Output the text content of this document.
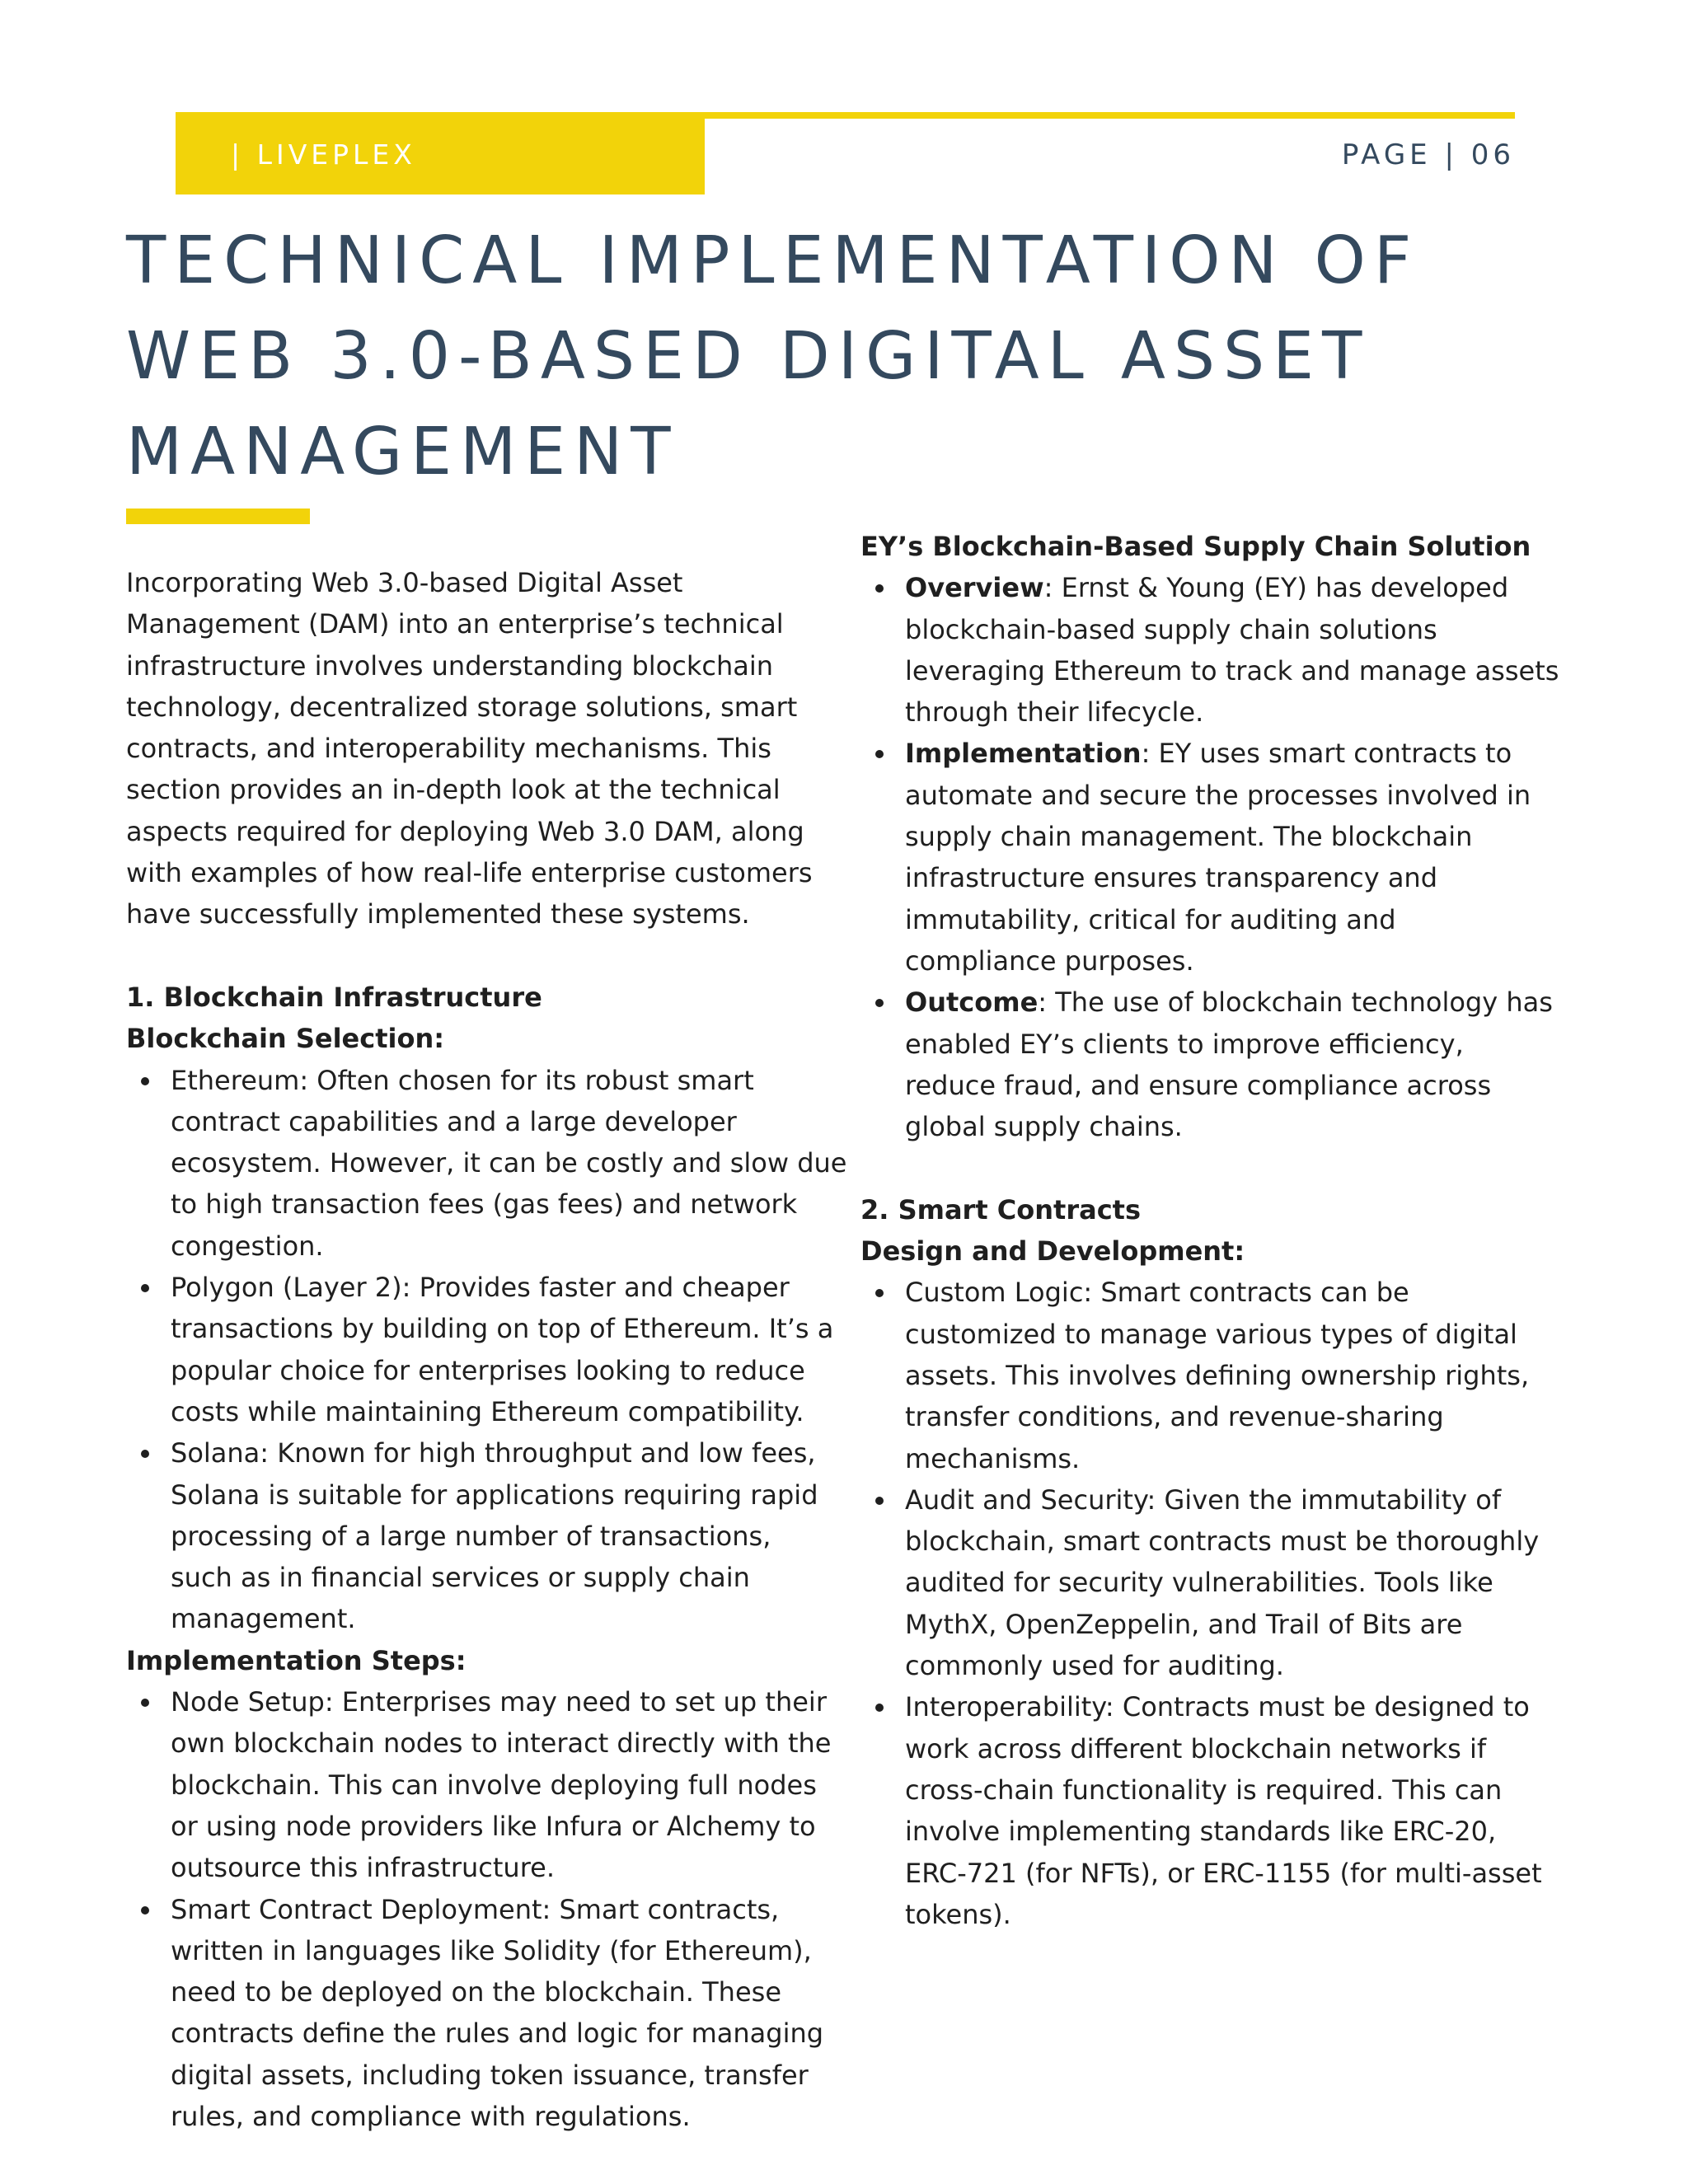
| LIVEPLEX	PAGE | 06
TECHNICAL IMPLEMENTATION OF
WEB 3.0-BASED DIGITAL ASSET
MANAGEMENT

Incorporating Web 3.0-based Digital Asset
Management (DAM) into an enterprise’s technical
infrastructure involves understanding blockchain
technology, decentralized storage solutions, smart
contracts, and interoperability mechanisms. This
section provides an in-depth look at the technical
aspects required for deploying Web 3.0 DAM, along
with examples of how real-life enterprise customers
have successfully implemented these systems.

1. Blockchain Infrastructure
Blockchain Selection:
Ethereum: Often chosen for its robust smart
contract capabilities and a large developer
ecosystem. However, it can be costly and slow due
to high transaction fees (gas fees) and network
congestion.
Polygon (Layer 2): Provides faster and cheaper
transactions by building on top of Ethereum. It’s a
popular choice for enterprises looking to reduce
costs while maintaining Ethereum compatibility.
Solana: Known for high throughput and low fees,
Solana is suitable for applications requiring rapid
processing of a large number of transactions,
such as in financial services or supply chain
management.
Implementation Steps:
Node Setup: Enterprises may need to set up their
own blockchain nodes to interact directly with the
blockchain. This can involve deploying full nodes
or using node providers like Infura or Alchemy to
outsource this infrastructure.
Smart Contract Deployment: Smart contracts,
written in languages like Solidity (for Ethereum),
need to be deployed on the blockchain. These
contracts define the rules and logic for managing
digital assets, including token issuance, transfer
rules, and compliance with regulations.
EY’s Blockchain-Based Supply Chain Solution
Overview: Ernst & Young (EY) has developed
blockchain-based supply chain solutions
leveraging Ethereum to track and manage assets
through their lifecycle.
Implementation: EY uses smart contracts to
automate and secure the processes involved in
supply chain management. The blockchain
infrastructure ensures transparency and
immutability, critical for auditing and
compliance purposes.
Outcome: The use of blockchain technology has
enabled EY’s clients to improve efficiency,
reduce fraud, and ensure compliance across
global supply chains.
2. Smart Contracts
Design and Development:
Custom Logic: Smart contracts can be
customized to manage various types of digital
assets. This involves defining ownership rights,
transfer conditions, and revenue-sharing
mechanisms.
Audit and Security: Given the immutability of
blockchain, smart contracts must be thoroughly
audited for security vulnerabilities. Tools like
MythX, OpenZeppelin, and Trail of Bits are
commonly used for auditing.
Interoperability: Contracts must be designed to
work across different blockchain networks if
cross-chain functionality is required. This can
involve implementing standards like ERC-20,
ERC-721 (for NFTs), or ERC-1155 (for multi-asset
tokens).
